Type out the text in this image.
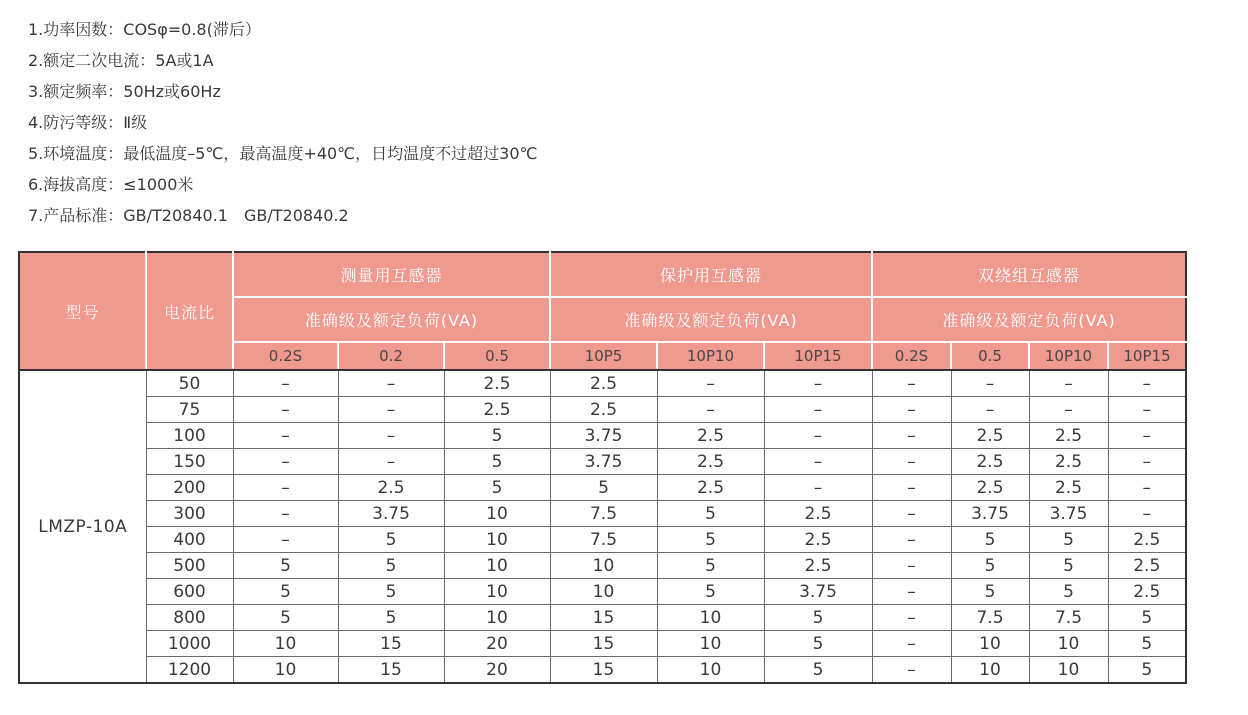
1.功率因数：COSφ=0.8(滞后）
2.额定二次电流：5A或1A
3.额定频率：50Hz或60Hz
4.防污等级：Ⅱ级
5.环境温度：最低温度–5℃，最高温度+40℃，日均温度不过超过30℃
6.海拔高度：≤1000米
7.产品标准：GB/T20840.1　GB/T20840.2
型号	电流比	测量用互感器			保护用互感器			双绕组互感器			
		准确级及额定负荷(VA)			准确级及额定负荷(VA)			准确级及额定负荷(VA)			
		0.2S	0.2	0.5	10P5	10P10	10P15	0.2S	0.5	10P10	10P15
LMZP-10A	50	–	–	2.5	2.5	–	–	–	–	–	–
	75	–	–	2.5	2.5	–	–	–	–	–	–
	100	–	–	5	3.75	2.5	–	–	2.5	2.5	–
	150	–	–	5	3.75	2.5	–	–	2.5	2.5	–
	200	–	2.5	5	5	2.5	–	–	2.5	2.5	–
	300	–	3.75	10	7.5	5	2.5	–	3.75	3.75	–
	400	–	5	10	7.5	5	2.5	–	5	5	2.5
	500	5	5	10	10	5	2.5	–	5	5	2.5
	600	5	5	10	10	5	3.75	–	5	5	2.5
	800	5	5	10	15	10	5	–	7.5	7.5	5
	1000	10	15	20	15	10	5	–	10	10	5
	1200	10	15	20	15	10	5	–	10	10	5
